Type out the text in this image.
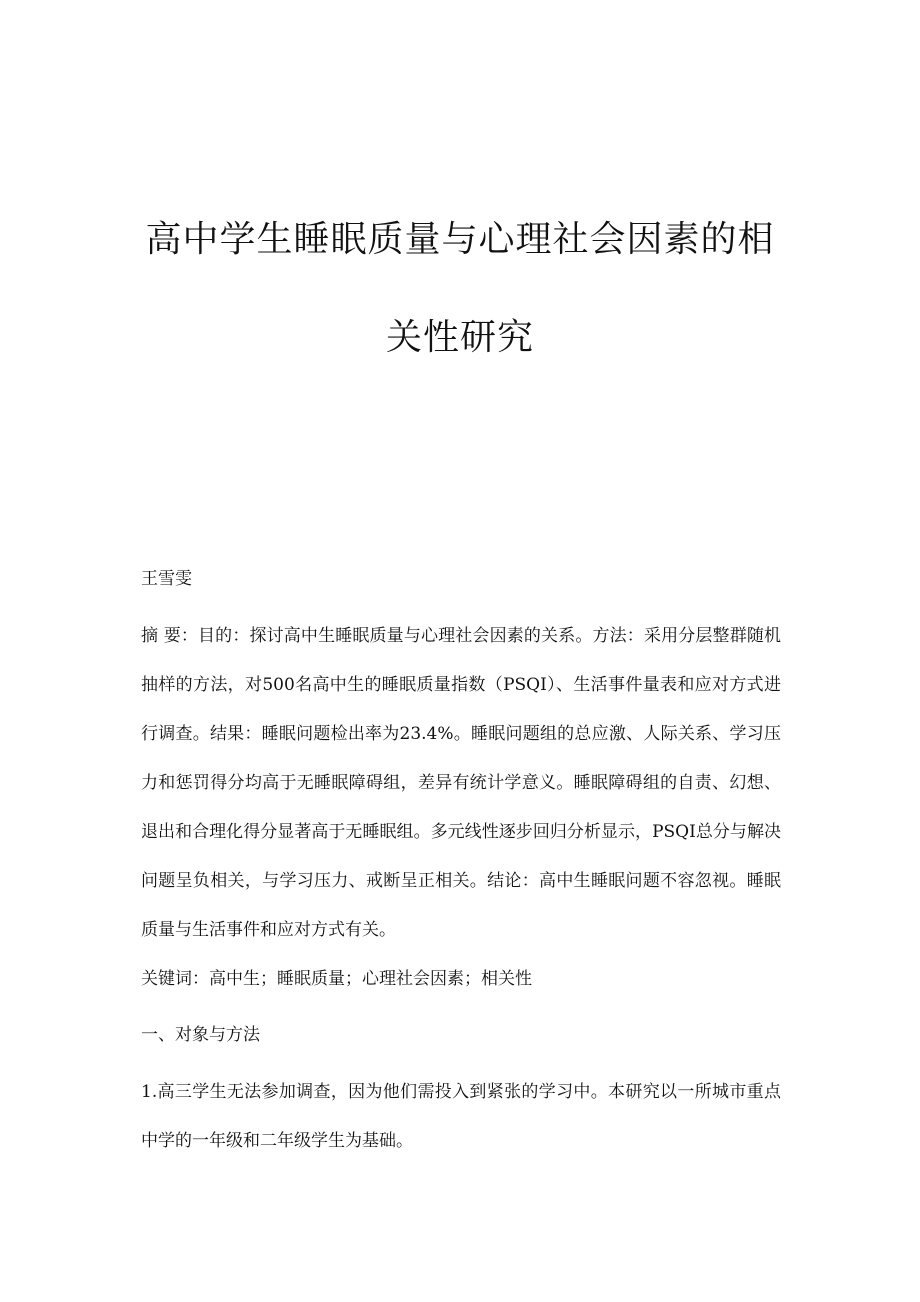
高中学生睡眠质量与心理社会因素的相
关性研究

王雪雯

摘 要：目的：探讨高中生睡眠质量与心理社会因素的关系。方法：采用分层整群随机抽样的方法，对500名高中生的睡眠质量指数（PSQI）、生活事件量表和应对方式进行调查。结果：睡眠问题检出率为23.4%。睡眠问题组的总应激、人际关系、学习压力和惩罚得分均高于无睡眠障碍组，差异有统计学意义。睡眠障碍组的自责、幻想、退出和合理化得分显著高于无睡眠组。多元线性逐步回归分析显示，PSQI总分与解决问题呈负相关，与学习压力、戒断呈正相关。结论：高中生睡眠问题不容忽视。睡眠质量与生活事件和应对方式有关。

关键词：高中生；睡眠质量；心理社会因素；相关性

一、对象与方法

1.高三学生无法参加调查，因为他们需投入到紧张的学习中。本研究以一所城市重点中学的一年级和二年级学生为基础。
